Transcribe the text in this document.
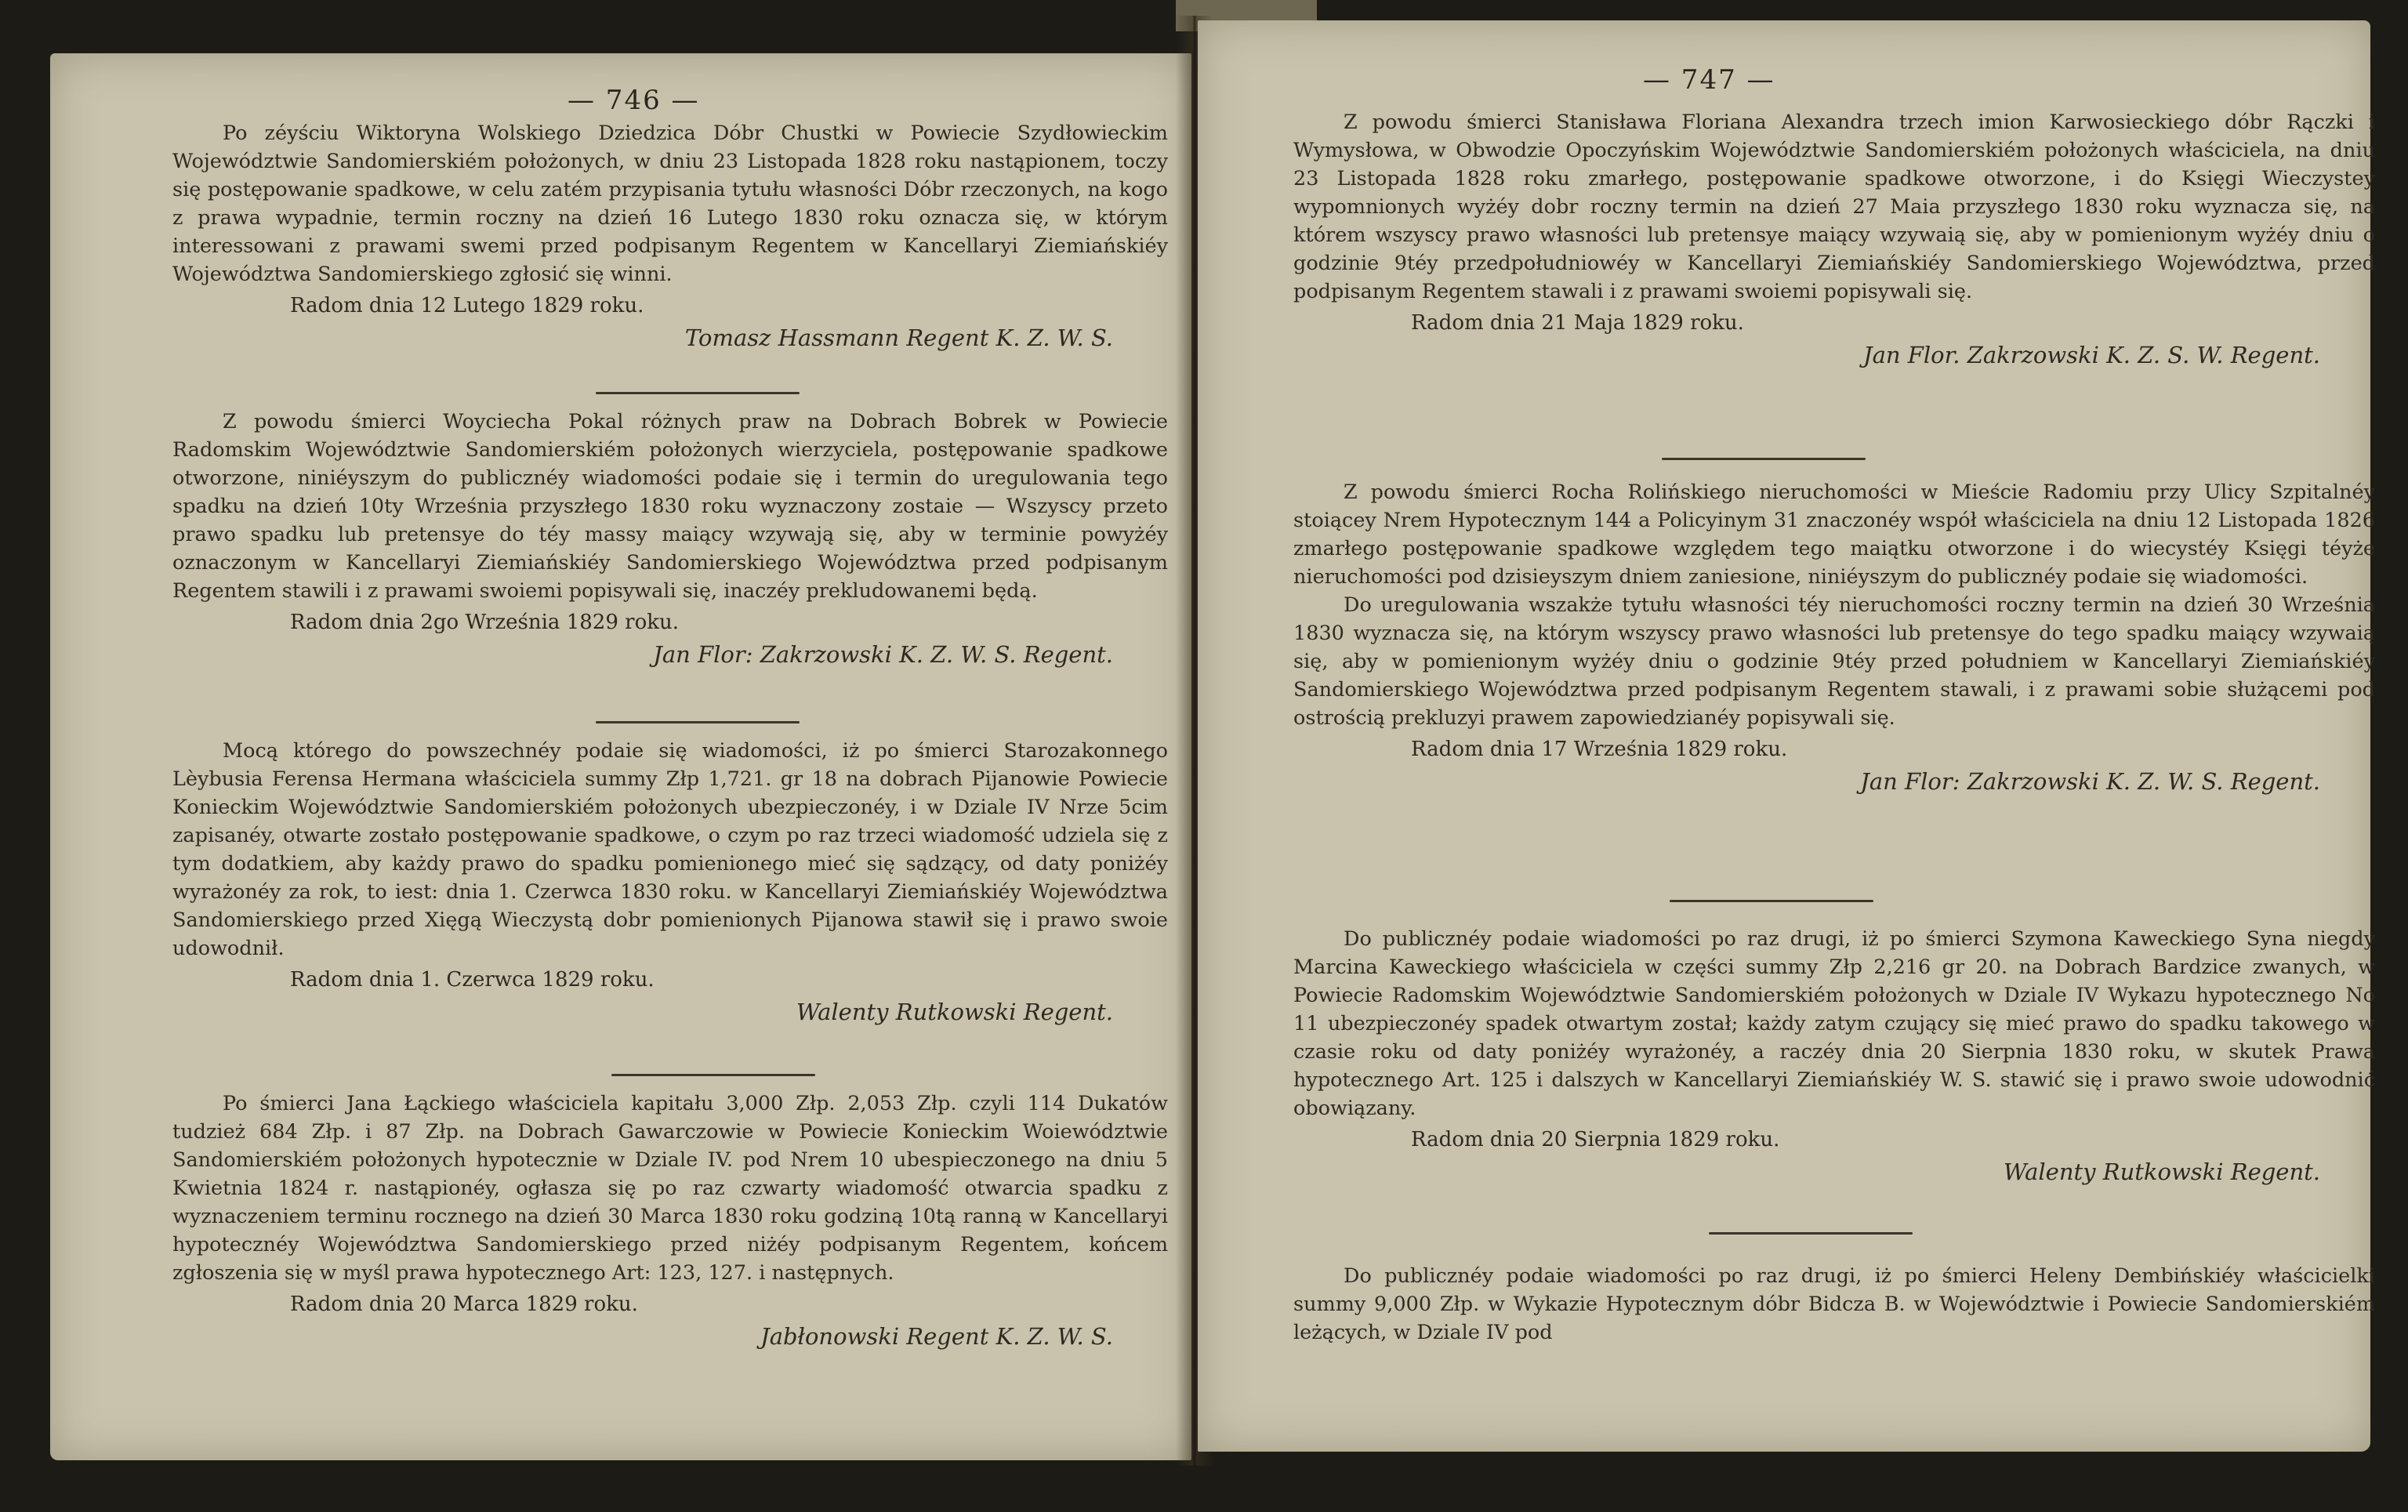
— 746 —

Po zéyściu Wiktoryna Wolskiego Dziedzica Dóbr Chustki w Powiecie Szydłowieckim Województwie Sandomierskiém położonych, w dniu 23 Listopada 1828 roku nastąpionem, toczy się postępowanie spadkowe, w celu zatém przypisania tytułu własności Dóbr rzeczonych, na kogo z prawa wypadnie, termin roczny na dzień 16 Lutego 1830 roku oznacza się, w którym interessowani z prawami swemi przed podpisanym Regentem w Kancellaryi Ziemiańskiéy Województwa Sandomierskiego zgłosić się winni.

Radom dnia 12 Lutego 1829 roku.

Tomasz Hassmann Regent K. Z. W. S.

Z powodu śmierci Woyciecha Pokal różnych praw na Dobrach Bobrek w Powiecie Radomskim Województwie Sandomierskiém położonych wierzyciela, postępowanie spadkowe otworzone, niniéyszym do publicznéy wiadomości podaie się i termin do uregulowania tego spadku na dzień 10ty Września przyszłego 1830 roku wyznaczony zostaie — Wszyscy przeto prawo spadku lub pretensye do téy massy maiący wzywają się, aby w terminie powyżéy oznaczonym w Kancellaryi Ziemiańskiéy Sandomierskiego Województwa przed podpisanym Regentem stawili i z prawami swoiemi popisywali się, inaczéy prekludowanemi będą.

Radom dnia 2go Września 1829 roku.

Jan Flor: Zakrzowski K. Z. W. S. Regent.

Mocą którego do powszechnéy podaie się wiadomości, iż po śmierci Starozakonnego Lèybusia Ferensa Hermana właściciela summy Złp 1,721. gr 18 na dobrach Pijanowie Powiecie Konieckim Województwie Sandomierskiém położonych ubezpieczonéy, i w Dziale IV Nrze 5cim zapisanéy, otwarte zostało postępowanie spadkowe, o czym po raz trzeci wiadomość udziela się z tym dodatkiem, aby każdy prawo do spadku pomienionego mieć się sądzący, od daty poniżéy wyrażonéy za rok, to iest: dnia 1. Czerwca 1830 roku. w Kancellaryi Ziemiańskiéy Województwa Sandomierskiego przed Xięgą Wieczystą dobr pomienionych Pijanowa stawił się i prawo swoie udowodnił.

Radom dnia 1. Czerwca 1829 roku.

Walenty Rutkowski Regent.

Po śmierci Jana Łąckiego właściciela kapitału 3,000 Złp. 2,053 Złp. czyli 114 Dukatów tudzież 684 Złp. i 87 Złp. na Dobrach Gawarczowie w Powiecie Konieckim Woiewództwie Sandomierskiém położonych hypotecznie w Dziale IV. pod Nrem 10 ubespieczonego na dniu 5 Kwietnia 1824 r. nastąpionéy, ogłasza się po raz czwarty wiadomość otwarcia spadku z wyznaczeniem terminu rocznego na dzień 30 Marca 1830 roku godziną 10tą ranną w Kancellaryi hypotecznéy Województwa Sandomierskiego przed niżéy podpisanym Regentem, końcem zgłoszenia się w myśl prawa hypotecznego Art: 123, 127. i następnych.

Radom dnia 20 Marca 1829 roku.

Jabłonowski Regent K. Z. W. S.

— 747 —

Z powodu śmierci Stanisława Floriana Alexandra trzech imion Karwosieckiego dóbr Rączki i Wymysłowa, w Obwodzie Opoczyńskim Województwie Sandomierskiém położonych właściciela, na dniu 23 Listopada 1828 roku zmarłego, postępowanie spadkowe otworzone, i do Księgi Wieczystey wypomnionych wyżéy dobr roczny termin na dzień 27 Maia przyszłego 1830 roku wyznacza się, na którem wszyscy prawo własności lub pretensye maiący wzywaią się, aby w pomienionym wyżéy dniu o godzinie 9téy przedpołudniowéy w Kancellaryi Ziemiańskiéy Sandomierskiego Województwa, przed podpisanym Regentem stawali i z prawami swoiemi popisywali się.

Radom dnia 21 Maja 1829 roku.

Jan Flor. Zakrzowski K. Z. S. W. Regent.

Z powodu śmierci Rocha Rolińskiego nieruchomości w Mieście Radomiu przy Ulicy Szpitalnéy stoiącey Nrem Hypotecznym 144 a Policyinym 31 znaczonéy współ właściciela na dniu 12 Listopada 1826 zmarłego postępowanie spadkowe względem tego maiątku otworzone i do wiecystéy Księgi téyże nieruchomości pod dzisieyszym dniem zaniesione, niniéyszym do publicznéy podaie się wiadomości.

Do uregulowania wszakże tytułu własności téy nieruchomości roczny termin na dzień 30 Września 1830 wyznacza się, na którym wszyscy prawo własności lub pretensye do tego spadku maiący wzywaią się, aby w pomienionym wyżéy dniu o godzinie 9téy przed południem w Kancellaryi Ziemiańskiéy Sandomierskiego Województwa przed podpisanym Regentem stawali, i z prawami sobie służącemi pod ostrością prekluzyi prawem zapowiedzianéy popisywali się.

Radom dnia 17 Września 1829 roku.

Jan Flor: Zakrzowski K. Z. W. S. Regent.

Do publicznéy podaie wiadomości po raz drugi, iż po śmierci Szymona Kaweckiego Syna niegdy Marcina Kaweckiego właściciela w części summy Złp 2,216 gr 20. na Dobrach Bardzice zwanych, w Powiecie Radomskim Województwie Sandomierskiém położonych w Dziale IV Wykazu hypotecznego No 11 ubezpieczonéy spadek otwartym został; każdy zatym czujący się mieć prawo do spadku takowego w czasie roku od daty poniżéy wyrażonéy, a raczéy dnia 20 Sierpnia 1830 roku, w skutek Prawa hypotecznego Art. 125 i dalszych w Kancellaryi Ziemiańskiéy W. S. stawić się i prawo swoie udowodnić obowiązany.

Radom dnia 20 Sierpnia 1829 roku.

Walenty Rutkowski Regent.

Do publicznéy podaie wiadomości po raz drugi, iż po śmierci Heleny Dembińskiéy właścicielki summy 9,000 Złp. w Wykazie Hypotecznym dóbr Bidcza B. w Województwie i Powiecie Sandomierskiém leżących, w Dziale IV pod
